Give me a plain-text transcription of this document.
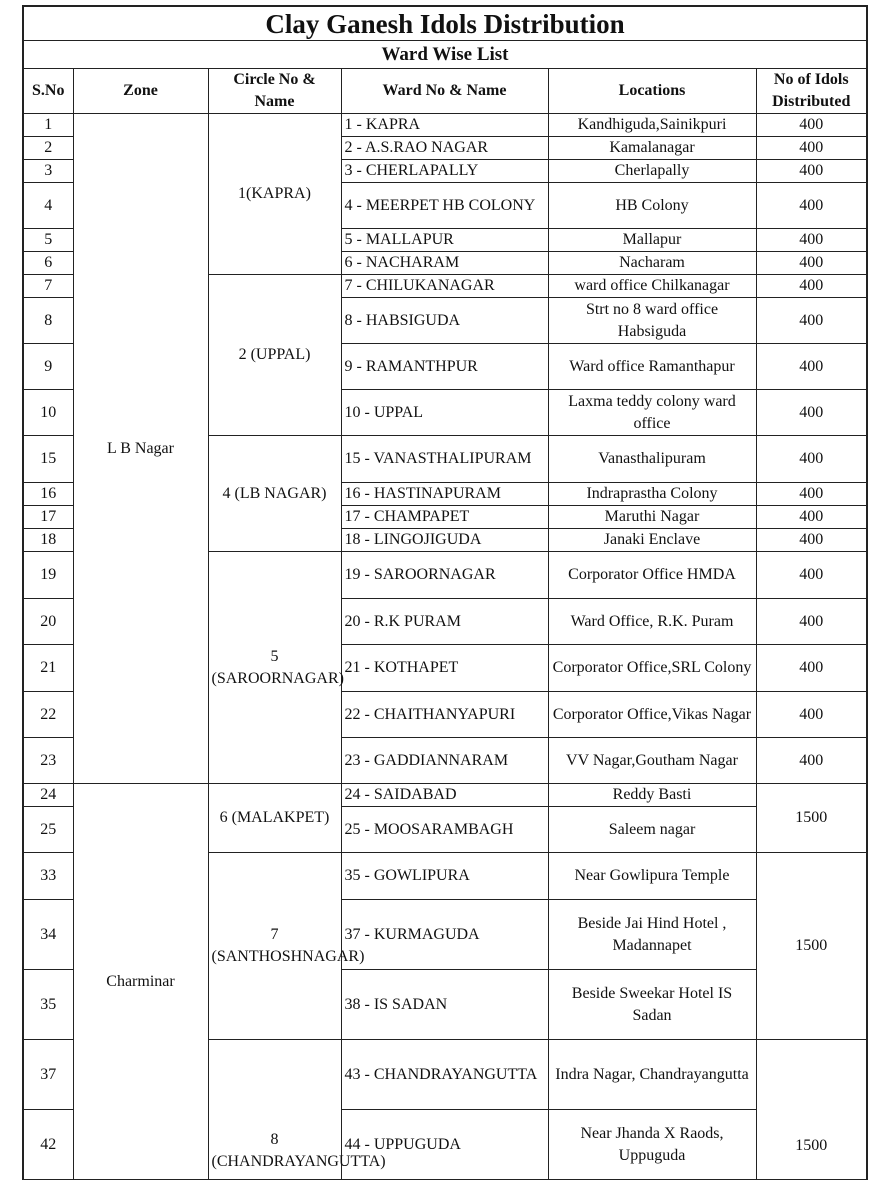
Clay Ganesh Idols Distribution
Ward Wise List
S.No	Zone	Circle No & Name	Ward No & Name	Locations	No of Idols Distributed
1	L B Nagar	1(KAPRA)	1 - KAPRA	Kandhiguda,Sainikpuri	400
2			2 - A.S.RAO NAGAR	Kamalanagar	400
3			3 - CHERLAPALLY	Cherlapally	400
4			4 - MEERPET HB COLONY	HB Colony	400
5			5 - MALLAPUR	Mallapur	400
6			6 - NACHARAM	Nacharam	400
7		2 (UPPAL)	7 - CHILUKANAGAR	ward office Chilkanagar	400
8			8 - HABSIGUDA	Strt no 8 ward office Habsiguda	400
9			9 - RAMANTHPUR	Ward office Ramanthapur	400
10			10 - UPPAL	Laxma teddy colony ward office	400
15		4 (LB NAGAR)	15 - VANASTHALIPURAM	Vanasthalipuram	400
16			16 - HASTINAPURAM	Indraprastha Colony	400
17			17 - CHAMPAPET	Maruthi Nagar	400
18			18 - LINGOJIGUDA	Janaki Enclave	400
19		5 (SAROORNAGAR)	19 - SAROORNAGAR	Corporator Office HMDA	400
20			20 - R.K PURAM	Ward Office, R.K. Puram	400
21			21 - KOTHAPET	Corporator Office,SRL Colony	400
22			22 - CHAITHANYAPURI	Corporator Office,Vikas Nagar	400
23			23 - GADDIANNARAM	VV Nagar,Goutham Nagar	400
24	Charminar	6 (MALAKPET)	24 - SAIDABAD	Reddy Basti	1500
25			25 - MOOSARAMBAGH	Saleem nagar	
33		7 (SANTHOSHNAGAR)	35 - GOWLIPURA	Near Gowlipura Temple	1500
34			37 - KURMAGUDA	Beside Jai Hind Hotel , Madannapet	
35			38 - IS SADAN	Beside Sweekar Hotel IS Sadan	
37		8 (CHANDRAYANGUTTA)	43 - CHANDRAYANGUTTA	Indra Nagar, Chandrayanguttа	1500
42			44 - UPPUGUDA	Near Jhanda X Raods, Uppuguda	
